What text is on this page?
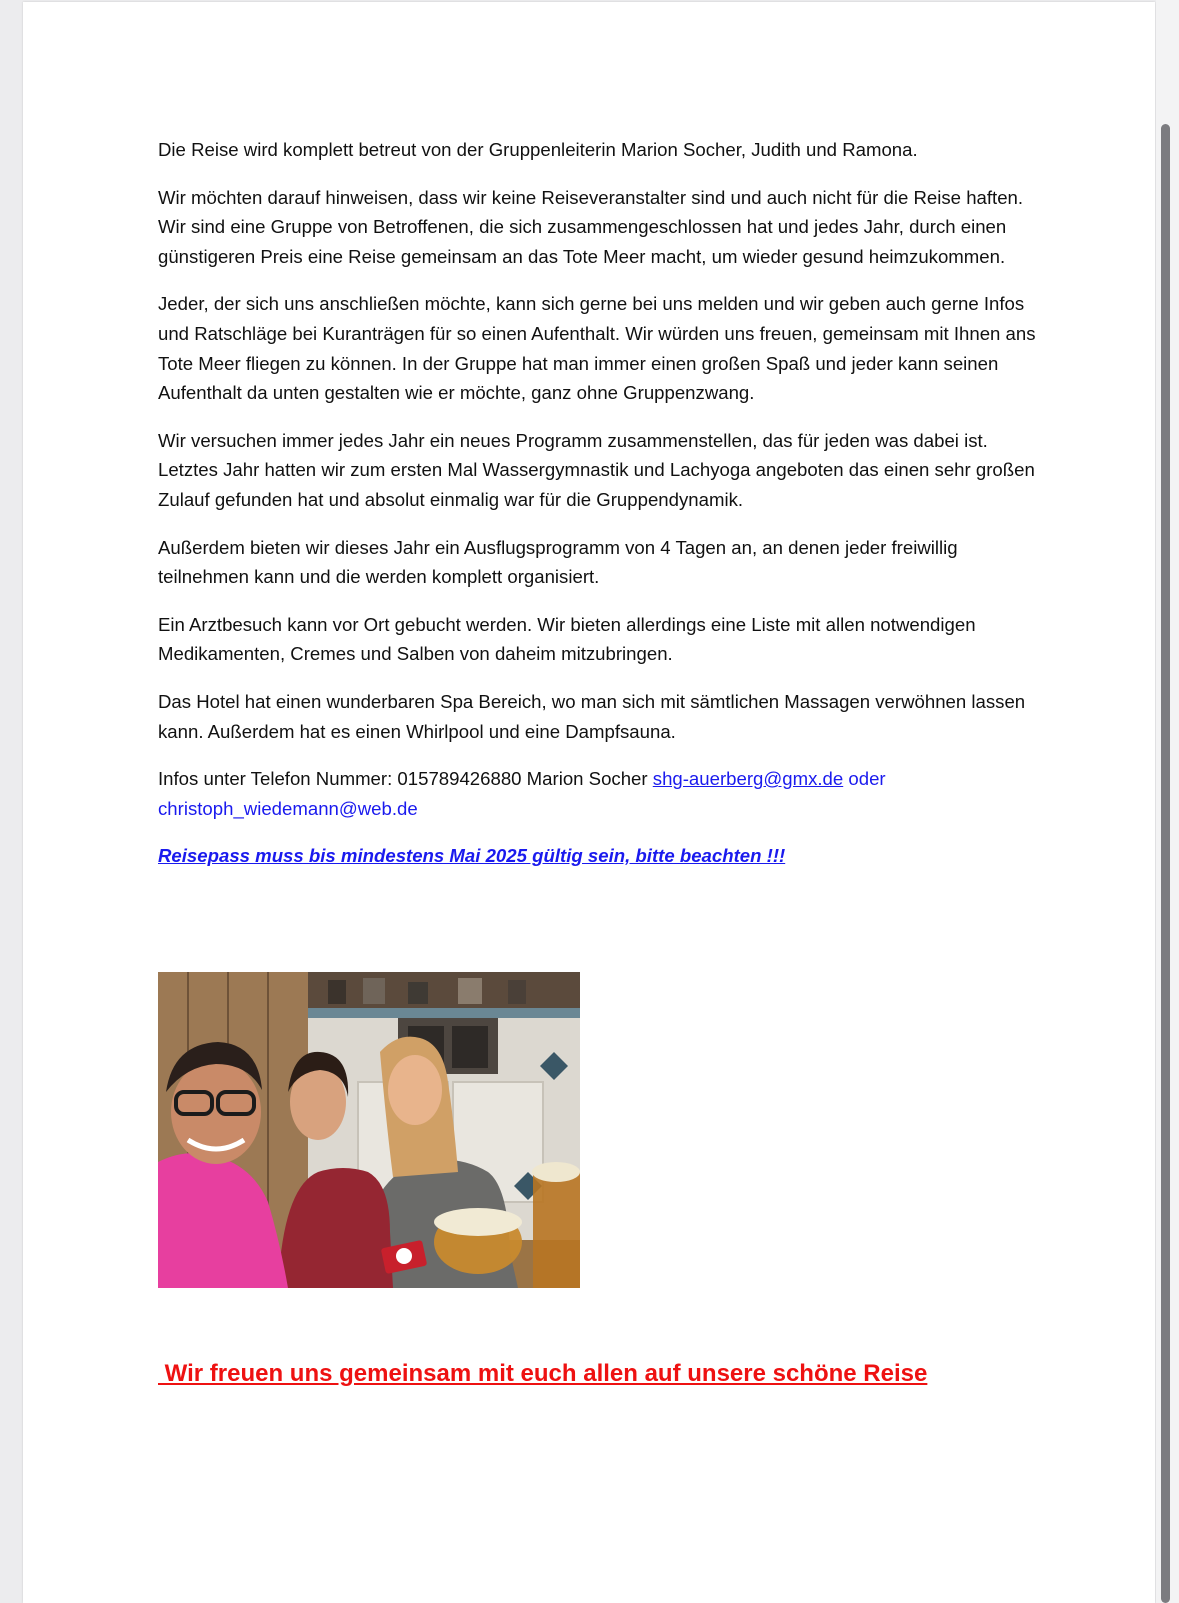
Die Reise wird komplett betreut von der Gruppenleiterin Marion Socher, Judith und Ramona.

Wir möchten darauf hinweisen, dass wir keine Reiseveranstalter sind und auch nicht für die Reise haften. Wir sind eine Gruppe von Betroffenen, die sich zusammengeschlossen hat und jedes Jahr, durch einen günstigeren Preis eine Reise gemeinsam an das Tote Meer macht, um wieder gesund heimzukommen.

Jeder, der sich uns anschließen möchte, kann sich gerne bei uns melden und wir geben auch gerne Infos und Ratschläge bei Kuranträgen für so einen Aufenthalt. Wir würden uns freuen, gemeinsam mit Ihnen ans Tote Meer fliegen zu können. In der Gruppe hat man immer einen großen Spaß und jeder kann seinen Aufenthalt da unten gestalten wie er möchte, ganz ohne Gruppenzwang.

Wir versuchen immer jedes Jahr ein neues Programm zusammenstellen, das für jeden was dabei ist. Letztes Jahr hatten wir zum ersten Mal Wassergymnastik und Lachyoga angeboten das einen sehr großen Zulauf gefunden hat und absolut einmalig war für die Gruppendynamik.

Außerdem bieten wir dieses Jahr ein Ausflugsprogramm von 4 Tagen an, an denen jeder freiwillig teilnehmen kann und die werden komplett organisiert.

Ein Arztbesuch kann vor Ort gebucht werden. Wir bieten allerdings eine Liste mit allen notwendigen Medikamenten, Cremes und Salben von daheim mitzubringen.

Das Hotel hat einen wunderbaren Spa Bereich, wo man sich mit sämtlichen Massagen verwöhnen lassen kann. Außerdem hat es einen Whirlpool und eine Dampfsauna.

Infos unter Telefon Nummer: 015789426880 Marion Socher shg-auerberg@gmx.de oder
christoph_wiedemann@web.de

Reisepass muss bis mindestens Mai 2025 gültig sein, bitte beachten !!!

Wir freuen uns gemeinsam mit euch allen auf unsere schöne Reise
